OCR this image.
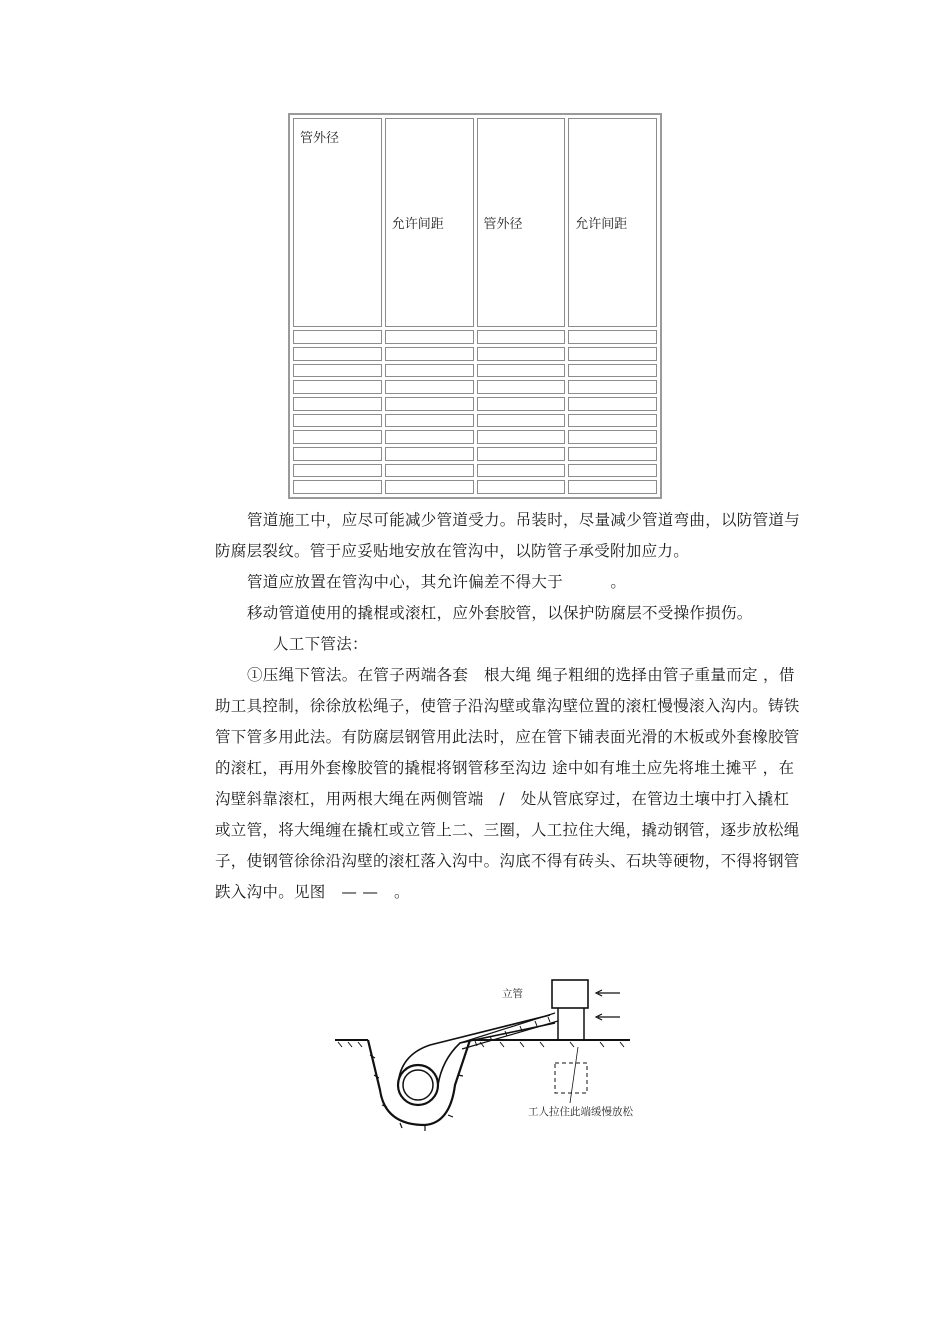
管外径	允许间距	管外径	允许间距

管道施工中，应尽可能减少管道受力。吊装时，尽量减少管道弯曲，以防管道与防腐层裂纹。管于应妥贴地安放在管沟中，以防管子承受附加应力。
管道应放置在管沟中心，其允许偏差不得大于　　　。
移动管道使用的撬棍或滚杠，应外套胶管，以保护防腐层不受操作损伤。
人工下管法：
①压绳下管法。在管子两端各套　根大绳 绳子粗细的选择由管子重量而定 ，借助工具控制，徐徐放松绳子，使管子沿沟壁或靠沟壁位置的滚杠慢慢滚入沟内。铸铁管下管多用此法。有防腐层钢管用此法时，应在管下铺表面光滑的木板或外套橡胶管的滚杠，再用外套橡胶管的撬棍将钢管移至沟边 途中如有堆土应先将堆土摊平 ，在沟壁斜靠滚杠，用两根大绳在两侧管端　/　处从管底穿过，在管边土壤中打入撬杠或立管，将大绳缠在撬杠或立管上二、三圈，人工拉住大绳，撬动钢管，逐步放松绳子，使钢管徐徐沿沟壁的滚杠落入沟中。沟底不得有砖头、石块等硬物，不得将钢管跌入沟中。见图　— —　。
立管
工人拉住此端缓慢放松
